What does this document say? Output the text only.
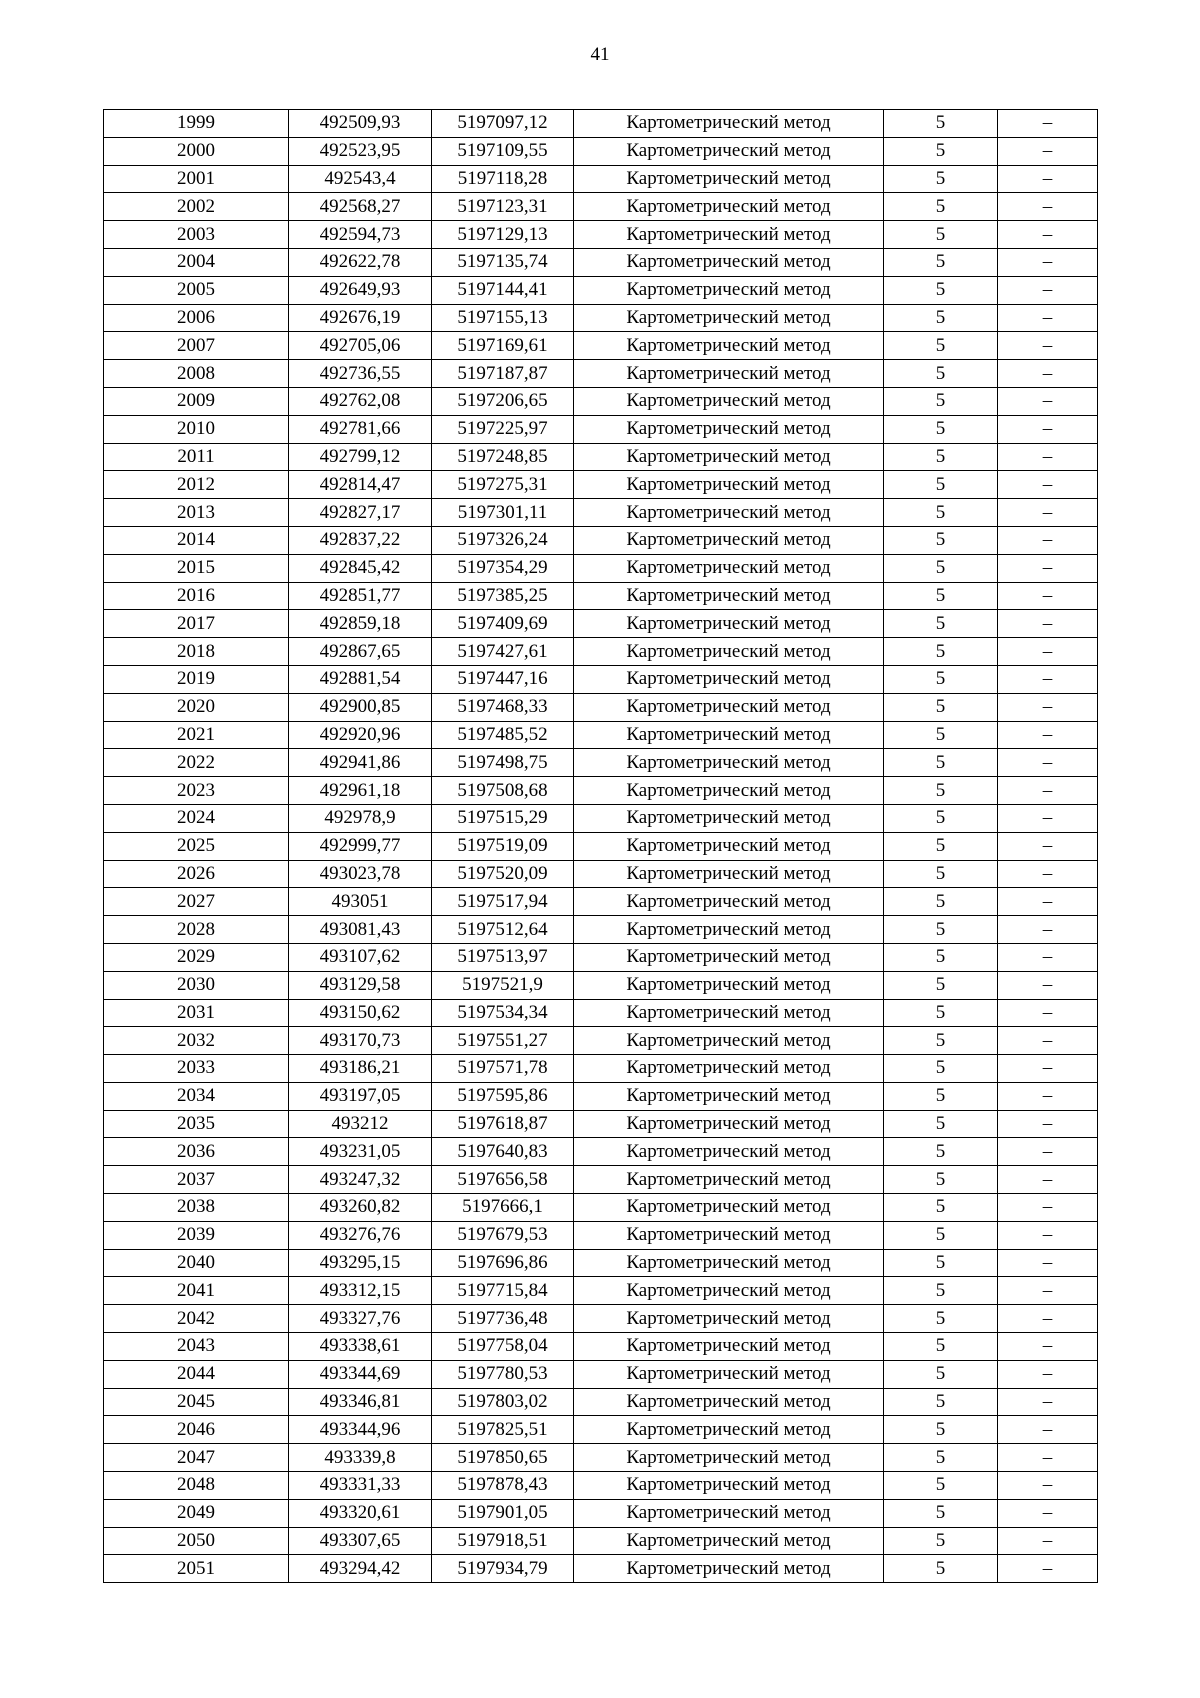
41
1999	492509,93	5197097,12	Картометрический метод	5	–
2000	492523,95	5197109,55	Картометрический метод	5	–
2001	492543,4	5197118,28	Картометрический метод	5	–
2002	492568,27	5197123,31	Картометрический метод	5	–
2003	492594,73	5197129,13	Картометрический метод	5	–
2004	492622,78	5197135,74	Картометрический метод	5	–
2005	492649,93	5197144,41	Картометрический метод	5	–
2006	492676,19	5197155,13	Картометрический метод	5	–
2007	492705,06	5197169,61	Картометрический метод	5	–
2008	492736,55	5197187,87	Картометрический метод	5	–
2009	492762,08	5197206,65	Картометрический метод	5	–
2010	492781,66	5197225,97	Картометрический метод	5	–
2011	492799,12	5197248,85	Картометрический метод	5	–
2012	492814,47	5197275,31	Картометрический метод	5	–
2013	492827,17	5197301,11	Картометрический метод	5	–
2014	492837,22	5197326,24	Картометрический метод	5	–
2015	492845,42	5197354,29	Картометрический метод	5	–
2016	492851,77	5197385,25	Картометрический метод	5	–
2017	492859,18	5197409,69	Картометрический метод	5	–
2018	492867,65	5197427,61	Картометрический метод	5	–
2019	492881,54	5197447,16	Картометрический метод	5	–
2020	492900,85	5197468,33	Картометрический метод	5	–
2021	492920,96	5197485,52	Картометрический метод	5	–
2022	492941,86	5197498,75	Картометрический метод	5	–
2023	492961,18	5197508,68	Картометрический метод	5	–
2024	492978,9	5197515,29	Картометрический метод	5	–
2025	492999,77	5197519,09	Картометрический метод	5	–
2026	493023,78	5197520,09	Картометрический метод	5	–
2027	493051	5197517,94	Картометрический метод	5	–
2028	493081,43	5197512,64	Картометрический метод	5	–
2029	493107,62	5197513,97	Картометрический метод	5	–
2030	493129,58	5197521,9	Картометрический метод	5	–
2031	493150,62	5197534,34	Картометрический метод	5	–
2032	493170,73	5197551,27	Картометрический метод	5	–
2033	493186,21	5197571,78	Картометрический метод	5	–
2034	493197,05	5197595,86	Картометрический метод	5	–
2035	493212	5197618,87	Картометрический метод	5	–
2036	493231,05	5197640,83	Картометрический метод	5	–
2037	493247,32	5197656,58	Картометрический метод	5	–
2038	493260,82	5197666,1	Картометрический метод	5	–
2039	493276,76	5197679,53	Картометрический метод	5	–
2040	493295,15	5197696,86	Картометрический метод	5	–
2041	493312,15	5197715,84	Картометрический метод	5	–
2042	493327,76	5197736,48	Картометрический метод	5	–
2043	493338,61	5197758,04	Картометрический метод	5	–
2044	493344,69	5197780,53	Картометрический метод	5	–
2045	493346,81	5197803,02	Картометрический метод	5	–
2046	493344,96	5197825,51	Картометрический метод	5	–
2047	493339,8	5197850,65	Картометрический метод	5	–
2048	493331,33	5197878,43	Картометрический метод	5	–
2049	493320,61	5197901,05	Картометрический метод	5	–
2050	493307,65	5197918,51	Картометрический метод	5	–
2051	493294,42	5197934,79	Картометрический метод	5	–
